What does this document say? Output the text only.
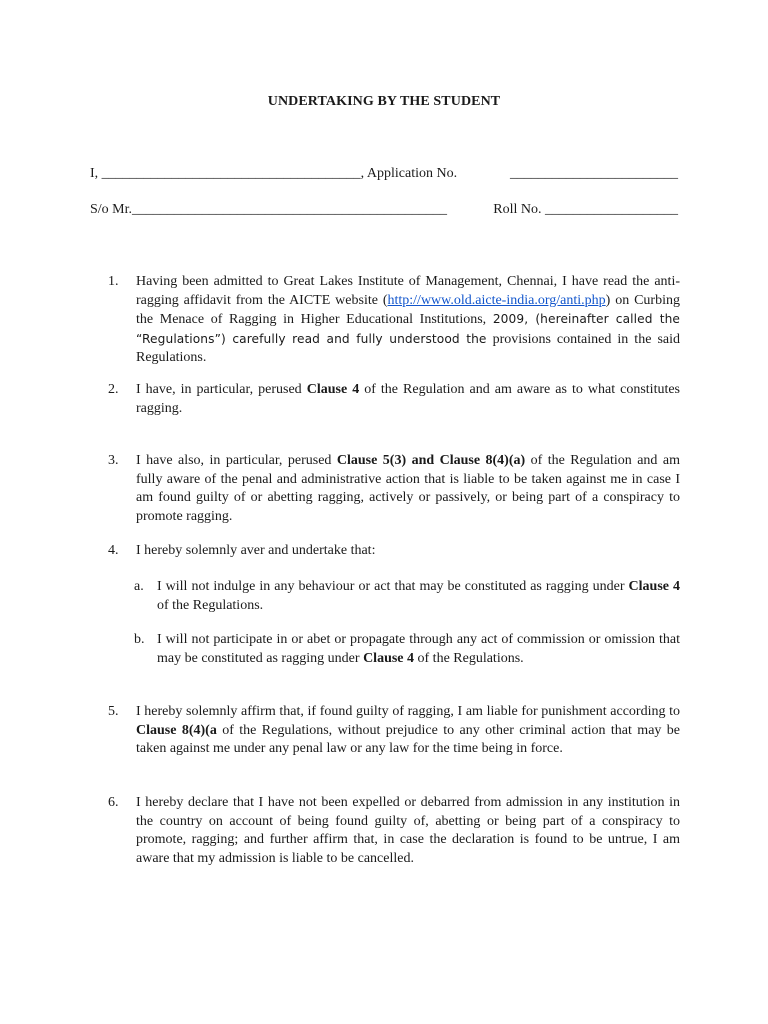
UNDERTAKING BY THE STUDENT
I, _____________________________________, Application No.	________________________
S/o Mr._____________________________________________	Roll No. ___________________
1.	Having been admitted to Great Lakes Institute of Management, Chennai, I have read the anti-ragging affidavit from the AICTE website (http://www.old.aicte-india.org/anti.php) on Curbing the Menace of Ragging in Higher Educational Institutions, 2009, (hereinafter called the “Regulations”) carefully read and fully understood the provisions contained in the said Regulations.
2.	I have, in particular, perused Clause 4 of the Regulation and am aware as to what constitutes ragging.
3.	I have also, in particular, perused Clause 5(3) and Clause 8(4)(a) of the Regulation and am fully aware of the penal and administrative action that is liable to be taken against me in case I am found guilty of or abetting ragging, actively or passively, or being part of a conspiracy to promote ragging.
4.	I hereby solemnly aver and undertake that:
a. I will not indulge in any behaviour or act that may be constituted as ragging under Clause 4 of the Regulations.
b. I will not participate in or abet or propagate through any act of commission or omission that may be constituted as ragging under Clause 4 of the Regulations.
5.	I hereby solemnly affirm that, if found guilty of ragging, I am liable for punishment according to Clause 8(4)(a of the Regulations, without prejudice to any other criminal action that may be taken against me under any penal law or any law for the time being in force.
6.	I hereby declare that I have not been expelled or debarred from admission in any institution in the country on account of being found guilty of, abetting or being part of a conspiracy to promote, ragging; and further affirm that, in case the declaration is found to be untrue, I am aware that my admission is liable to be cancelled.
